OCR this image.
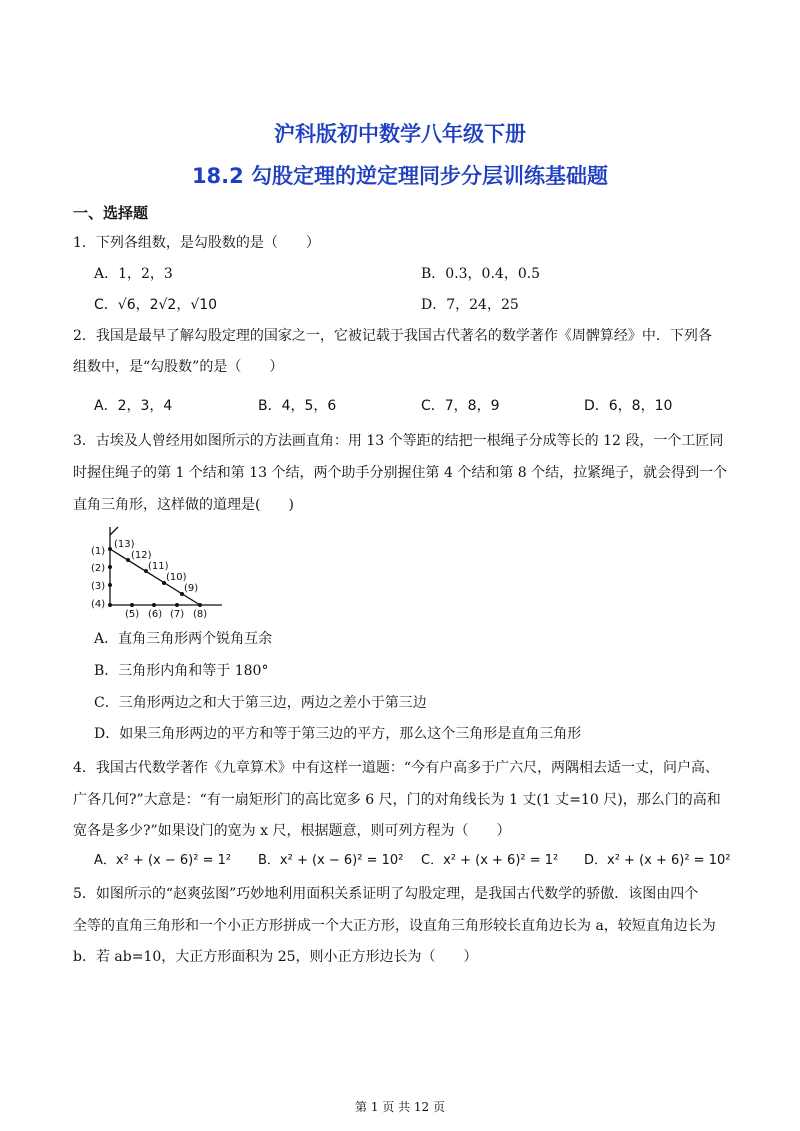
沪科版初中数学八年级下册
18.2 勾股定理的逆定理同步分层训练基础题
一、选择题
1．下列各组数，是勾股数的是（　　）
A．1，2，3	B．0.3，0.4，0.5
C．√6，2√2，√10	D．7，24，25
2．我国是最早了解勾股定理的国家之一，它被记载于我国古代著名的数学著作《周髀算经》中．下列各
组数中，是“勾股数”的是（　　）
A．2，3，4	B．4，5，6	C．7，8，9	D．6，8，10
3．古埃及人曾经用如图所示的方法画直角：用 13 个等距的结把一根绳子分成等长的 12 段，一个工匠同
时握住绳子的第 1 个结和第 13 个结，两个助手分别握住第 4 个结和第 8 个结，拉紧绳子，就会得到一个
直角三角形，这样做的道理是(　　)
(1)
(2)
(3)
(4)
(5) (6) (7) (8)
(9)
(10)
(11)
(12)
(13)
A．直角三角形两个锐角互余
B．三角形内角和等于 180°
C．三角形两边之和大于第三边，两边之差小于第三边
D．如果三角形两边的平方和等于第三边的平方，那么这个三角形是直角三角形
4．我国古代数学著作《九章算术》中有这样一道题：“今有户高多于广六尺，两隅相去适一丈，问户高、
广各几何?”大意是：“有一扇矩形门的高比宽多 6 尺，门的对角线长为 1 丈(1 丈=10 尺)，那么门的高和
宽各是多少?”如果设门的宽为 x 尺，根据题意，则可列方程为（　　）
A．x² + (x − 6)² = 1² B．x² + (x − 6)² = 10² C．x² + (x + 6)² = 1² D．x² + (x + 6)² = 10²
5．如图所示的“赵爽弦图”巧妙地利用面积关系证明了勾股定理，是我国古代数学的骄傲．该图由四个
全等的直角三角形和一个小正方形拼成一个大正方形，设直角三角形较长直角边长为 a，较短直角边长为
b．若 ab=10，大正方形面积为 25，则小正方形边长为（　　）
第 1 页 共 12 页
